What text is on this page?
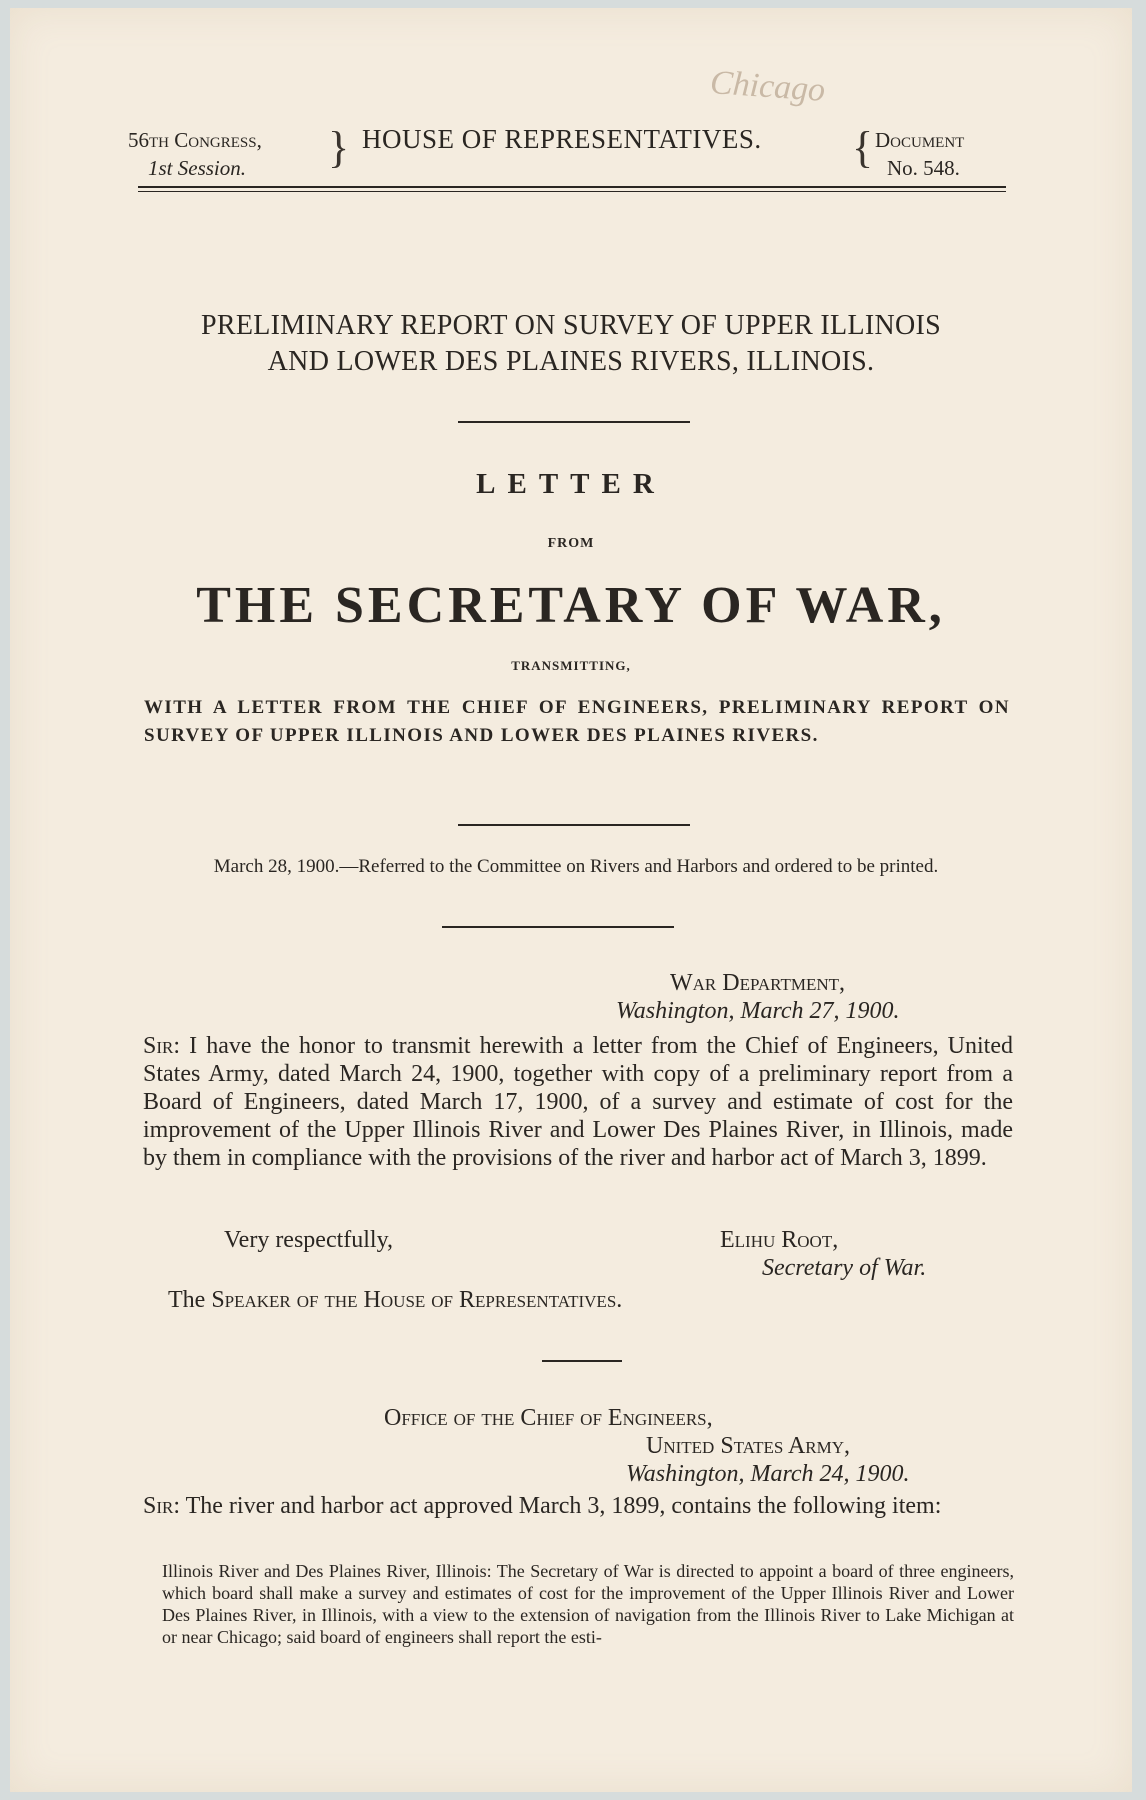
Chicago
56th Congress,
1st Session.	} HOUSE OF REPRESENTATIVES. { Document
No. 548.
PRELIMINARY REPORT ON SURVEY OF UPPER ILLINOIS
AND LOWER DES PLAINES RIVERS, ILLINOIS.
LETTER
FROM
THE SECRETARY OF WAR,
TRANSMITTING,
WITH A LETTER FROM THE CHIEF OF ENGINEERS, PRELIMINARY REPORT ON SURVEY OF UPPER ILLINOIS AND LOWER DES PLAINES RIVERS.
March 28, 1900.—Referred to the Committee on Rivers and Harbors and ordered to be printed.
War Department,
Washington, March 27, 1900.
Sir: I have the honor to transmit herewith a letter from the Chief of Engineers, United States Army, dated March 24, 1900, together with copy of a preliminary report from a Board of Engineers, dated March 17, 1900, of a survey and estimate of cost for the improvement of the Upper Illinois River and Lower Des Plaines River, in Illinois, made by them in compliance with the provisions of the river and harbor act of March 3, 1899.
Very respectfully,	Elihu Root,
Secretary of War.
The Speaker of the House of Representatives.
Office of the Chief of Engineers,
United States Army,
Washington, March 24, 1900.
Sir: The river and harbor act approved March 3, 1899, contains the following item:
Illinois River and Des Plaines River, Illinois: The Secretary of War is directed to appoint a board of three engineers, which board shall make a survey and estimates of cost for the improvement of the Upper Illinois River and Lower Des Plaines River, in Illinois, with a view to the extension of navigation from the Illinois River to Lake Michigan at or near Chicago; said board of engineers shall report the esti-
